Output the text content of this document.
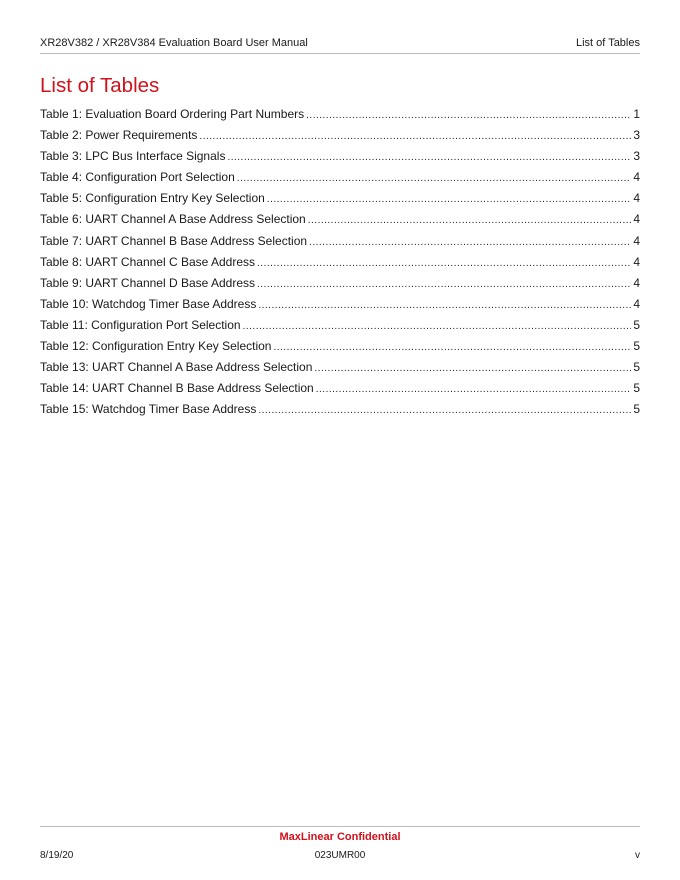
XR28V382 / XR28V384 Evaluation Board User Manual	List of Tables
List of Tables
Table 1: Evaluation Board Ordering Part Numbers .....	1
Table 2: Power Requirements .....	3
Table 3: LPC Bus Interface Signals .....	3
Table 4: Configuration Port Selection .....	4
Table 5: Configuration Entry Key Selection .....	4
Table 6: UART Channel A Base Address Selection .....	4
Table 7: UART Channel B Base Address Selection .....	4
Table 8: UART Channel C Base Address .....	4
Table 9: UART Channel D Base Address .....	4
Table 10: Watchdog Timer Base Address .....	4
Table 11: Configuration Port Selection .....	5
Table 12: Configuration Entry Key Selection .....	5
Table 13: UART Channel A Base Address Selection .....	5
Table 14: UART Channel B Base Address Selection .....	5
Table 15: Watchdog Timer Base Address .....	5
MaxLinear Confidential
8/19/20	023UMR00	v
